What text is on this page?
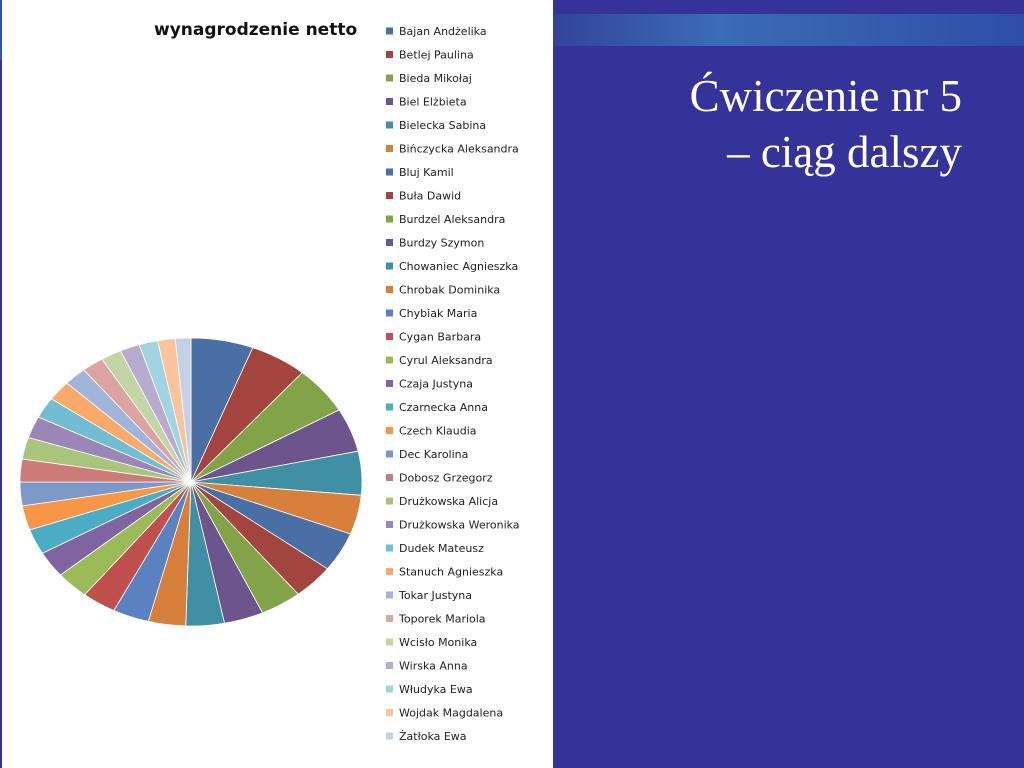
wynagrodzenie netto	Bajan Andżelika
Betlej Paulina
Bieda Mikołaj
Biel Elżbieta
Bielecka Sabina
Bińczycka Aleksandra
Bluj Kamil
Buła Dawid
Burdzel Aleksandra
Burdzy Szymon
Chowaniec Agnieszka
Chrobak Dominika
Chybiak Maria
Cygan Barbara
Cyrul Aleksandra
Czaja Justyna
Czarnecka Anna
Czech Klaudia
Dec Karolina
Dobosz Grzegorz
Drużkowska Alicja
Drużkowska Weronika
Dudek Mateusz
Stanuch Agnieszka
Tokar Justyna
Toporek Mariola
Wcisło Monika
Wirska Anna
Włudyka Ewa
Wojdak Magdalena
Żatłoka Ewa
Ćwiczenie nr 5
– ciąg dalszy
